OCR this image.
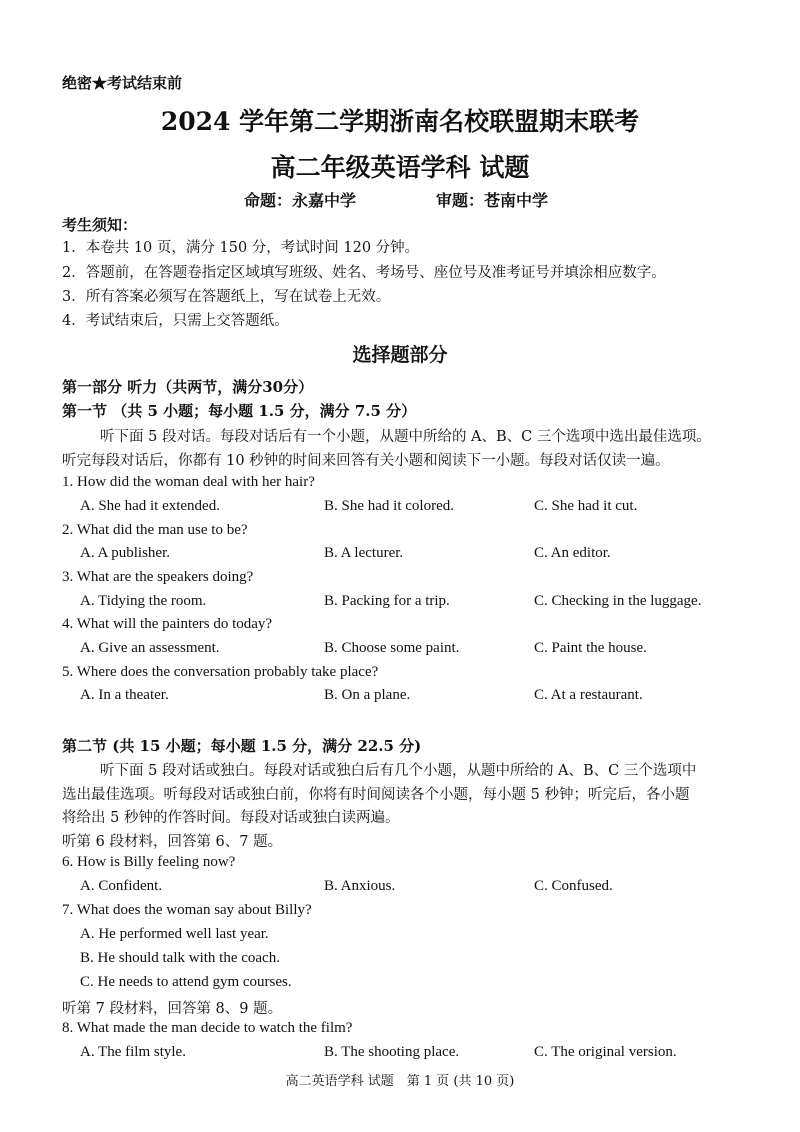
绝密★考试结束前
2024 学年第二学期浙南名校联盟期末联考
高二年级英语学科 试题
命题：永嘉中学	审题：苍南中学
考生须知：
1．本卷共 10 页，满分 150 分，考试时间 120 分钟。
2．答题前，在答题卷指定区域填写班级、姓名、考场号、座位号及准考证号并填涂相应数字。
3．所有答案必须写在答题纸上，写在试卷上无效。
4．考试结束后，只需上交答题纸。
选择题部分
第一部分 听力（共两节，满分30分）
第一节 （共 5 小题；每小题 1.5 分，满分 7.5 分）
听下面 5 段对话。每段对话后有一个小题，从题中所给的 A、B、C 三个选项中选出最佳选项。
听完每段对话后，你都有 10 秒钟的时间来回答有关小题和阅读下一小题。每段对话仅读一遍。
1. How did the woman deal with her hair?
A. She had it extended.	B. She had it colored.	C. She had it cut.
2. What did the man use to be?
A. A publisher.	B. A lecturer.	C. An editor.
3. What are the speakers doing?
A. Tidying the room.	B. Packing for a trip.	C. Checking in the luggage.
4. What will the painters do today?
A. Give an assessment.	B. Choose some paint.	C. Paint the house.
5. Where does the conversation probably take place?
A. In a theater.	B. On a plane.	C. At a restaurant.
第二节 (共 15 小题；每小题 1.5 分，满分 22.5 分)
听下面 5 段对话或独白。每段对话或独白后有几个小题，从题中所给的 A、B、C 三个选项中
选出最佳选项。听每段对话或独白前，你将有时间阅读各个小题，每小题 5 秒钟；听完后，各小题
将给出 5 秒钟的作答时间。每段对话或独白读两遍。
听第 6 段材料，回答第 6、7 题。
6. How is Billy feeling now?
A. Confident.	B. Anxious.	C. Confused.
7. What does the woman say about Billy?
A. He performed well last year.
B. He should talk with the coach.
C. He needs to attend gym courses.
听第 7 段材料，回答第 8、9 题。
8. What made the man decide to watch the film?
A. The film style.	B. The shooting place.	C. The original version.
高二英语学科 试题　第 1 页 (共 10 页)
